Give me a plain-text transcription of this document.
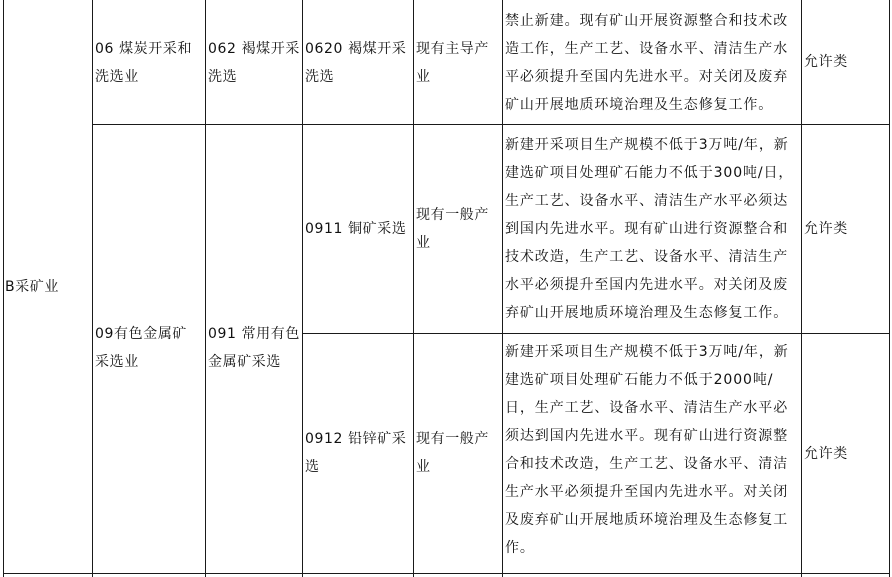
B采矿业
06 煤炭开采和洗选业
062 褐煤开采洗选
0620 褐煤开采洗选
现有主导产业
禁止新建。现有矿山开展资源整合和技术改造工作，生产工艺、设备水平、清洁生产水平必须提升至国内先进水平。对关闭及废弃矿山开展地质环境治理及生态修复工作。
允许类
09有色金属矿采选业
091 常用有色金属矿采选
0911 铜矿采选
现有一般产业
新建开采项目生产规模不低于3万吨/年，新建选矿项目处理矿石能力不低于300吨/日，生产工艺、设备水平、清洁生产水平必须达到国内先进水平。现有矿山进行资源整合和技术改造，生产工艺、设备水平、清洁生产水平必须提升至国内先进水平。对关闭及废弃矿山开展地质环境治理及生态修复工作。
允许类
0912 铅锌矿采选
现有一般产业
新建开采项目生产规模不低于3万吨/年，新建选矿项目处理矿石能力不低于2000吨/日，生产工艺、设备水平、清洁生产水平必须达到国内先进水平。现有矿山进行资源整合和技术改造，生产工艺、设备水平、清洁生产水平必须提升至国内先进水平。对关闭及废弃矿山开展地质环境治理及生态修复工作。
允许类
